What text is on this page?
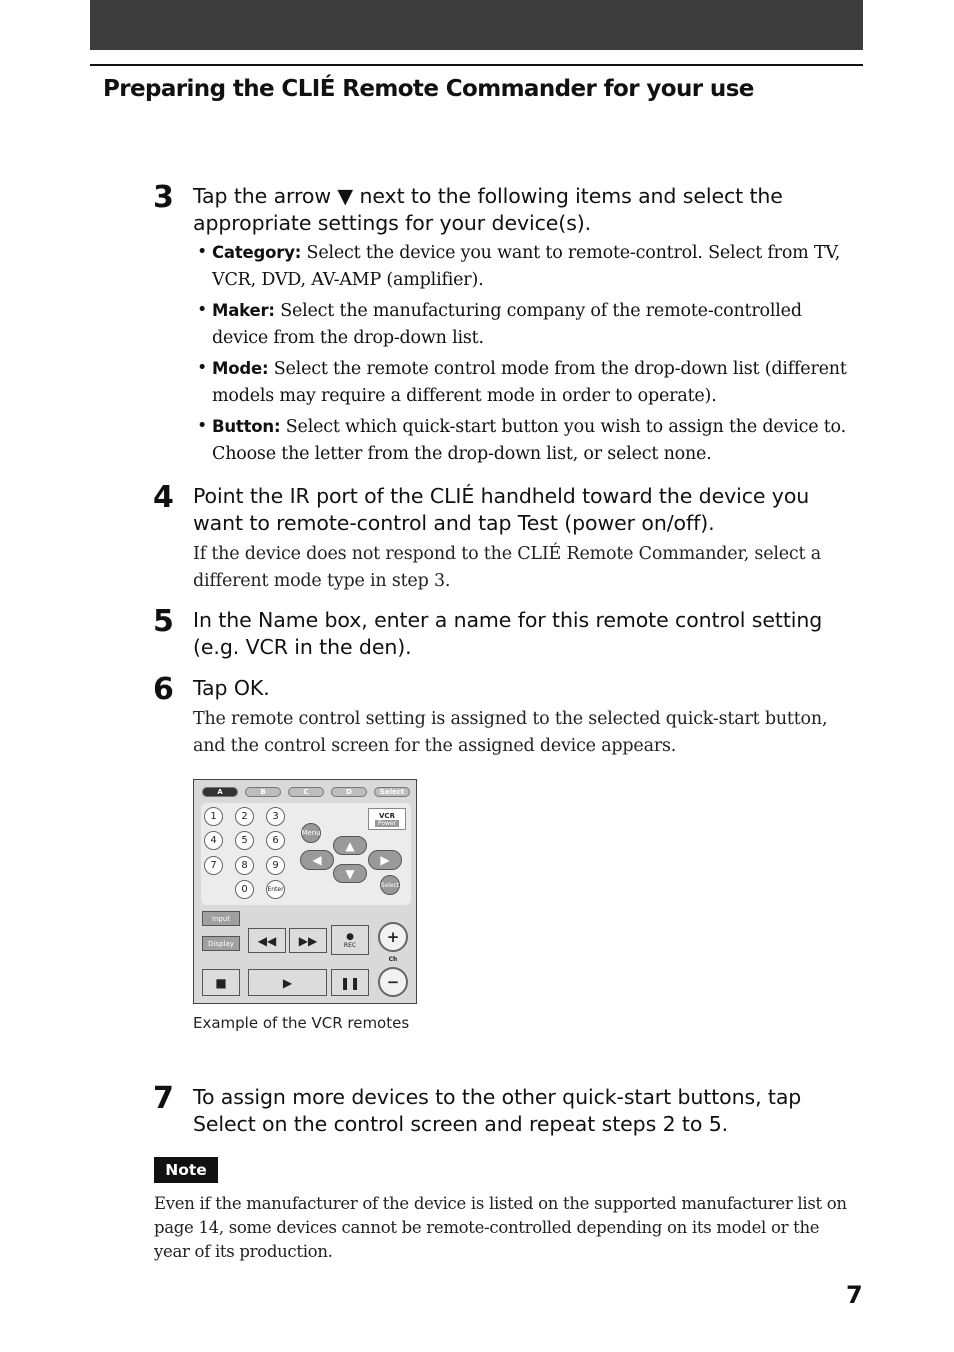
Preparing the CLIÉ Remote Commander for your use
3 Tap the arrow ▼ next to the following items and select the appropriate settings for your device(s).

• Category: Select the device you want to remote-control. Select from TV, VCR, DVD, AV-AMP (amplifier).
• Maker: Select the manufacturing company of the remote-controlled device from the drop-down list.
• Mode: Select the remote control mode from the drop-down list (different models may require a different mode in order to operate).
• Button: Select which quick-start button you wish to assign the device to. Choose the letter from the drop-down list, or select none.
4 Point the IR port of the CLIÉ handheld toward the device you want to remote-control and tap Test (power on/off).

If the device does not respond to the CLIÉ Remote Commander, select a different mode type in step 3.

5 In the Name box, enter a name for this remote control setting (e.g. VCR in the den).

6 Tap OK.

The remote control setting is assigned to the selected quick-start button, and the control screen for the assigned device appears.

A	B	C	D	Select
1	2	3
4	5	6
7	8	9
0	Enter
Menu
VCR
Power
▲
◀	▶
▼
Select
Input
Display	◀◀	▶▶	●
REC	+
Ch
−
■	▶	❚❚
Example of the VCR remotes
7 To assign more devices to the other quick-start buttons, tap Select on the control screen and repeat steps 2 to 5.

Note

Even if the manufacturer of the device is listed on the supported manufacturer list on page 14, some devices cannot be remote-controlled depending on its model or the year of its production.

7
